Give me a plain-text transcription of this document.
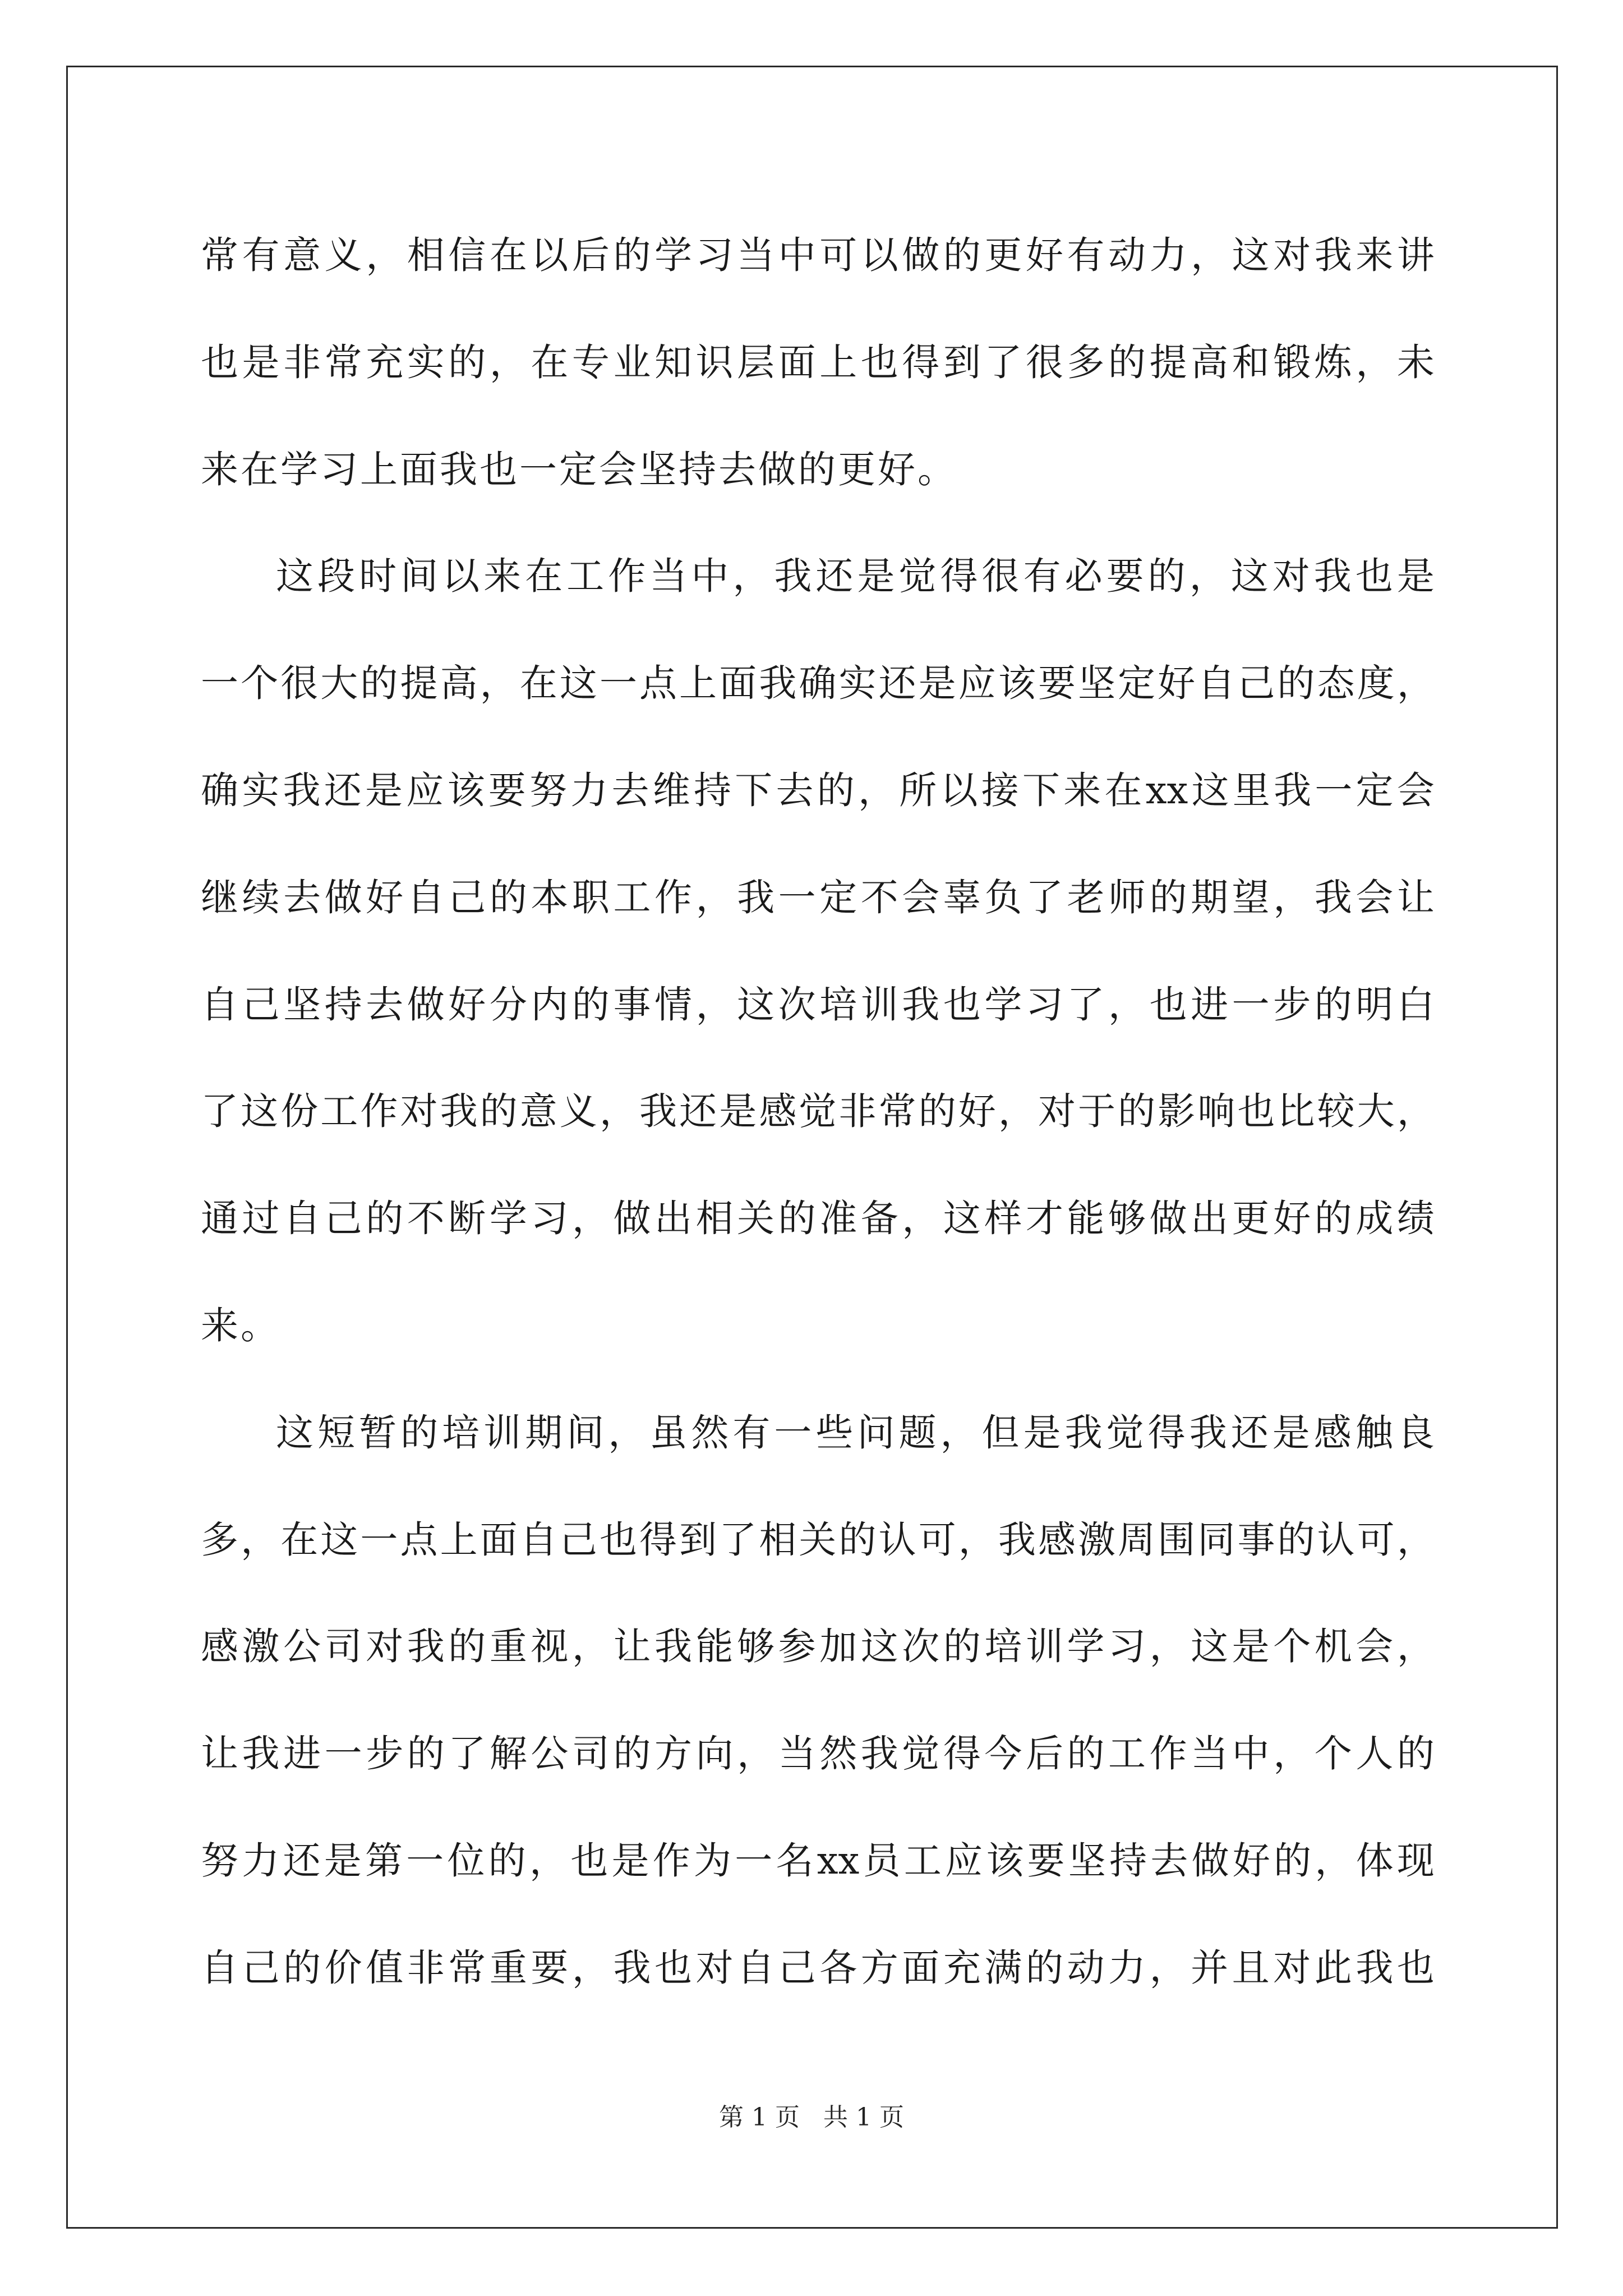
常 有 意 义 ， 相 信 在 以 后 的 学 习 当 中 可 以 做 的 更 好 有 动 力 ， 这 对 我 来 讲
也 是 非 常 充 实 的 ， 在 专 业 知 识 层 面 上 也 得 到 了 很 多 的 提 高 和 锻 炼 ， 未
来在学习上面我也一定会坚持去做的更好。
这 段 时 间 以 来 在 工 作 当 中 ， 我 还 是 觉 得 很 有 必 要 的 ， 这 对 我 也 是
一 个 很 大 的 提 高 ， 在 这 一 点 上 面 我 确 实 还 是 应 该 要 坚 定 好 自 己 的 态 度 ，
确 实 我 还 是 应 该 要 努 力 去 维 持 下 去 的 ， 所 以 接 下 来 在 xx 这 里 我 一 定 会
继 续 去 做 好 自 己 的 本 职 工 作 ， 我 一 定 不 会 辜 负 了 老 师 的 期 望 ， 我 会 让
自 己 坚 持 去 做 好 分 内 的 事 情 ， 这 次 培 训 我 也 学 习 了 ， 也 进 一 步 的 明 白
了 这 份 工 作 对 我 的 意 义 ， 我 还 是 感 觉 非 常 的 好 ， 对 于 的 影 响 也 比 较 大 ，
通 过 自 己 的 不 断 学 习 ， 做 出 相 关 的 准 备 ， 这 样 才 能 够 做 出 更 好 的 成 绩
来。
这 短 暂 的 培 训 期 间 ， 虽 然 有 一 些 问 题 ， 但 是 我 觉 得 我 还 是 感 触 良
多 ， 在 这 一 点 上 面 自 己 也 得 到 了 相 关 的 认 可 ， 我 感 激 周 围 同 事 的 认 可 ，
感 激 公 司 对 我 的 重 视 ， 让 我 能 够 参 加 这 次 的 培 训 学 习 ， 这 是 个 机 会 ，
让 我 进 一 步 的 了 解 公 司 的 方 向 ， 当 然 我 觉 得 今 后 的 工 作 当 中 ， 个 人 的
努 力 还 是 第 一 位 的 ， 也 是 作 为 一 名 xx 员 工 应 该 要 坚 持 去 做 好 的 ， 体 现
自 己 的 价 值 非 常 重 要 ， 我 也 对 自 己 各 方 面 充 满 的 动 力 ， 并 且 对 此 我 也
第 1 页   共 1 页
